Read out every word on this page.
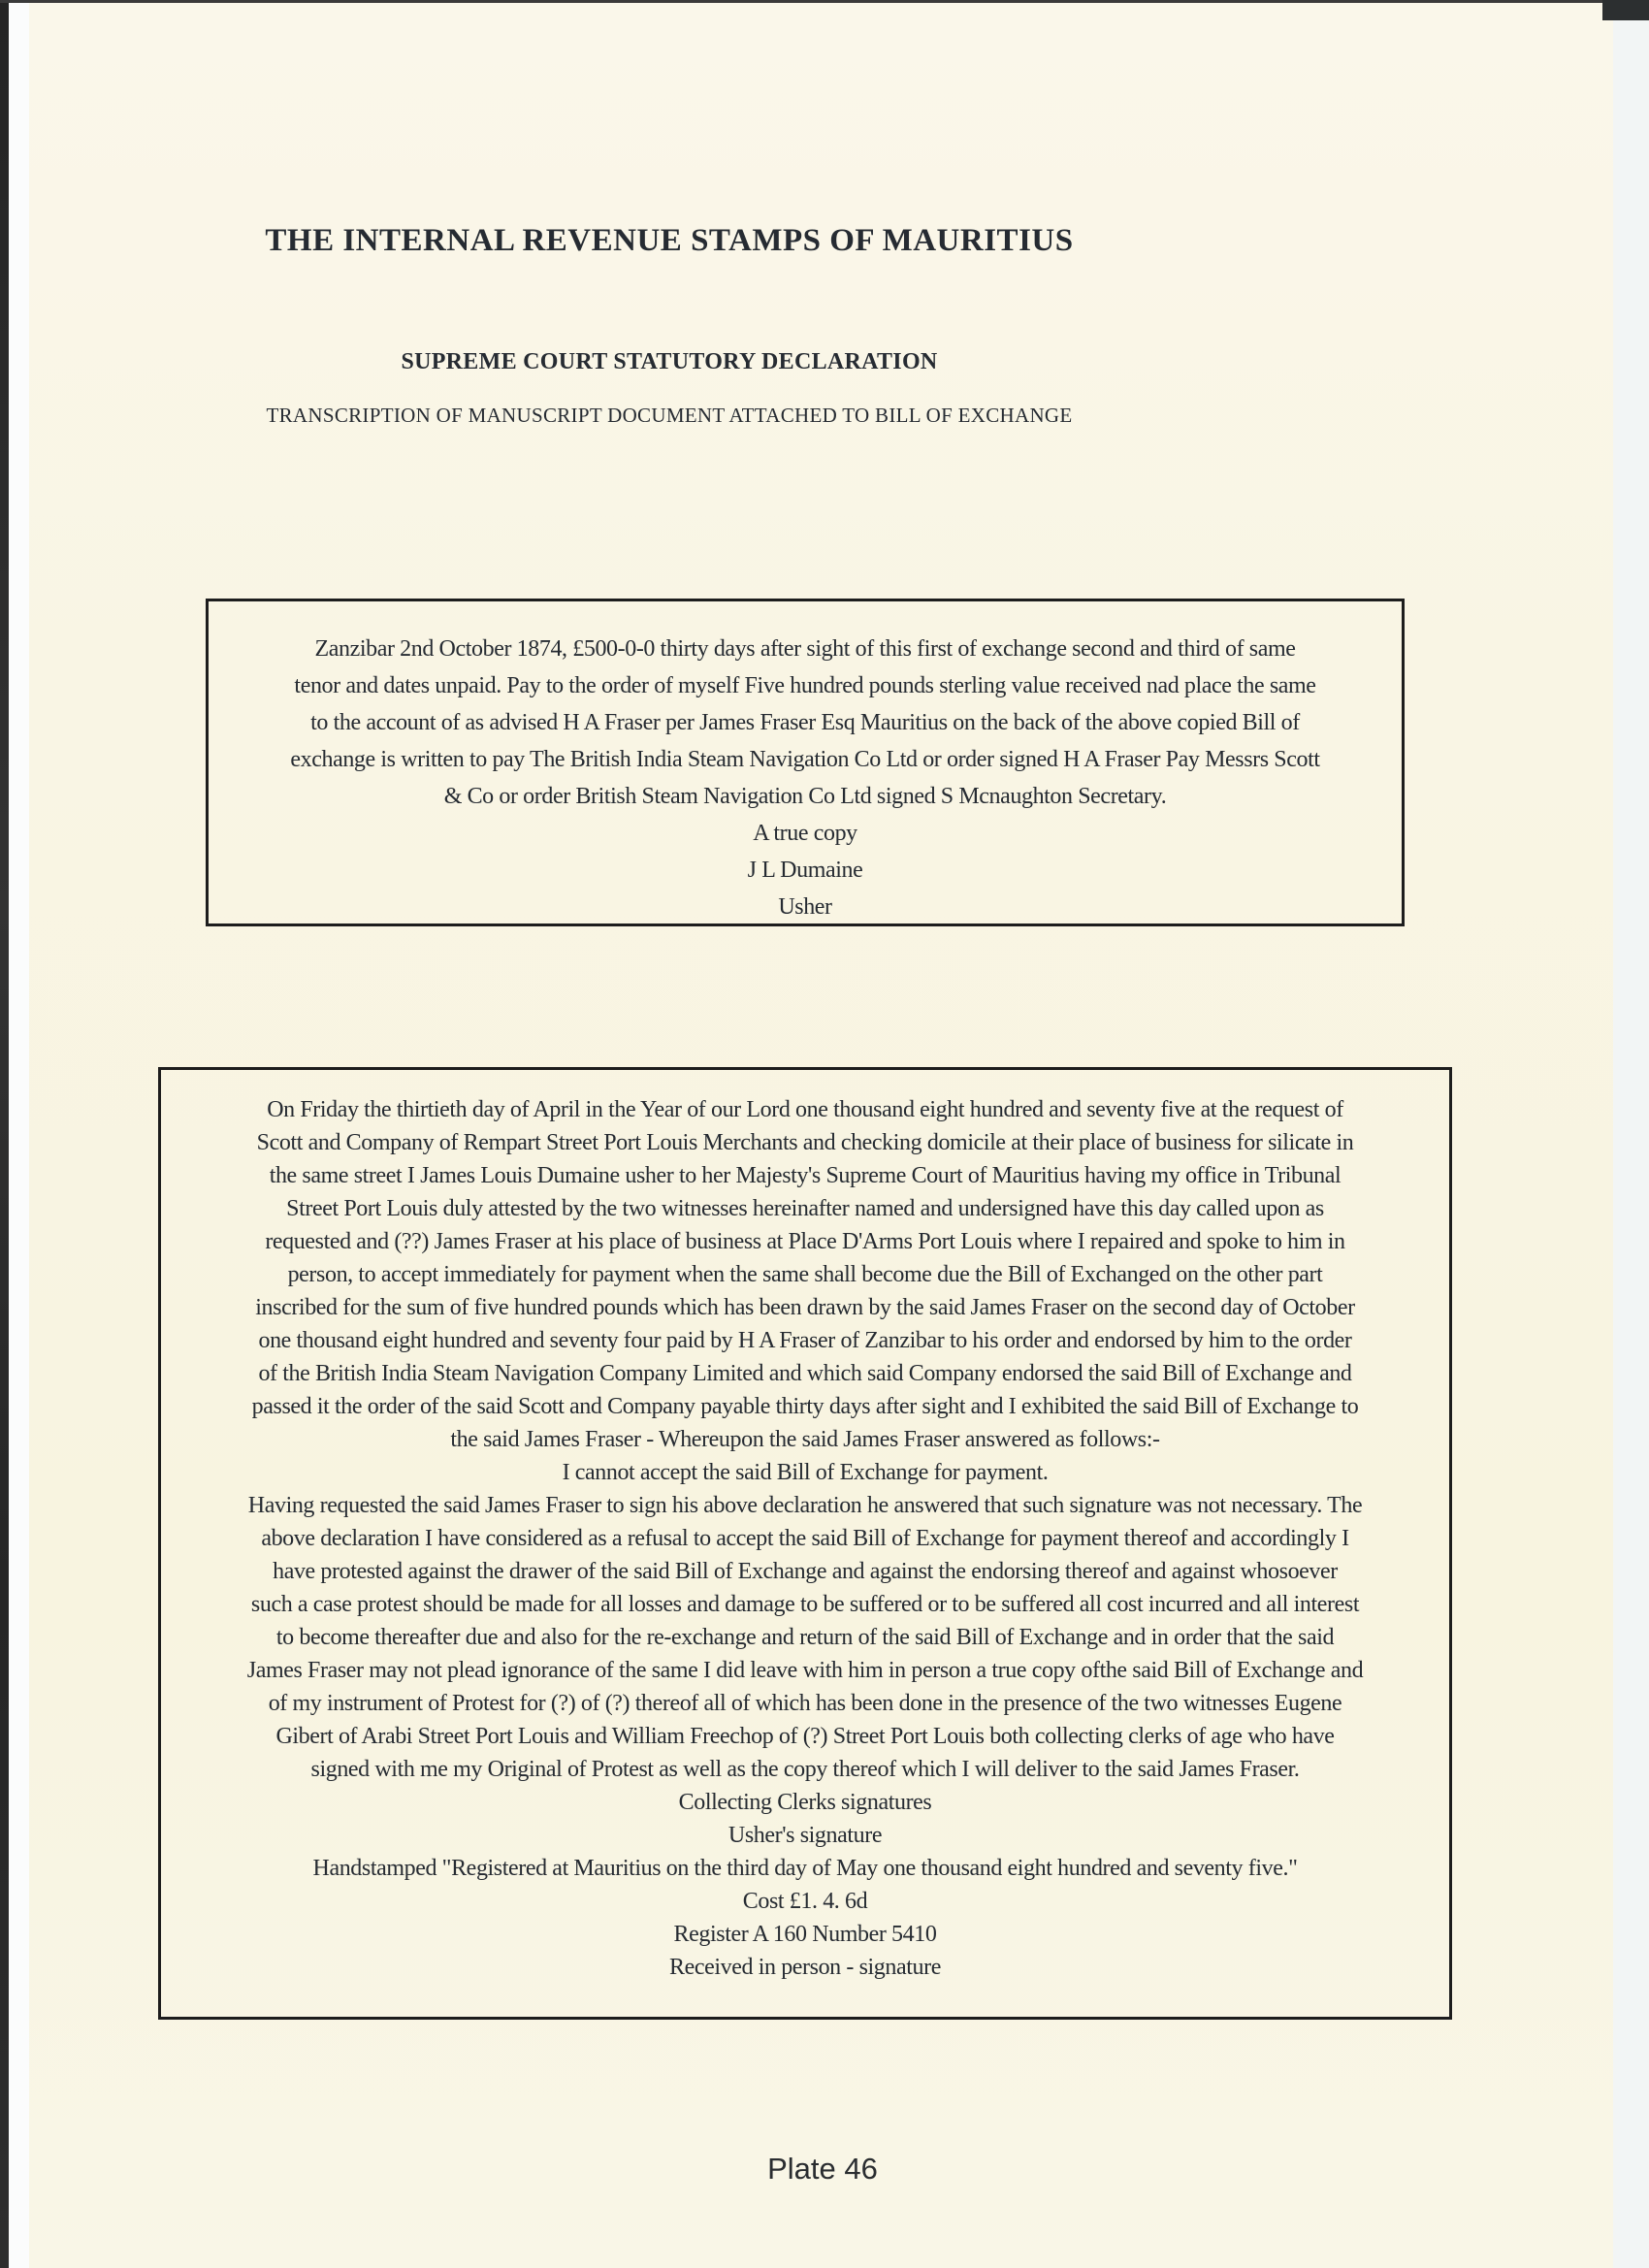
THE INTERNAL REVENUE STAMPS OF MAURITIUS
SUPREME COURT STATUTORY DECLARATION
TRANSCRIPTION OF MANUSCRIPT DOCUMENT ATTACHED TO BILL OF EXCHANGE
Zanzibar 2nd October 1874, £500-0-0 thirty days after sight of this first of exchange second and third of same
tenor and dates unpaid. Pay to the order of myself Five hundred pounds sterling value received nad place the same
to the account of as advised H A Fraser per James Fraser Esq Mauritius on the back of the above copied Bill of
exchange is written to pay The British India Steam Navigation Co Ltd or order signed H A Fraser Pay Messrs Scott
& Co or order British Steam Navigation Co Ltd signed S Mcnaughton Secretary.
A true copy
J L Dumaine
Usher
On Friday the thirtieth day of April in the Year of our Lord one thousand eight hundred and seventy five at the request of
Scott and Company of Rempart Street Port Louis Merchants and checking domicile at their place of business for silicate in
the same street I James Louis Dumaine usher to her Majesty's Supreme Court of Mauritius having my office in Tribunal
Street Port Louis duly attested by the two witnesses hereinafter named and undersigned have this day called upon as
requested and (??) James Fraser at his place of business at Place D'Arms Port Louis where I repaired and spoke to him in
person, to accept immediately for payment when the same shall become due the Bill of Exchanged on the other part
inscribed for the sum of five hundred pounds which has been drawn by the said James Fraser on the second day of October
one thousand eight hundred and seventy four paid by H A Fraser of Zanzibar to his order and endorsed by him to the order
of the British India Steam Navigation Company Limited and which said Company endorsed the said Bill of Exchange and
passed it the order of the said Scott and Company payable thirty days after sight and I exhibited the said Bill of Exchange to
the said James Fraser - Whereupon the said James Fraser answered as follows:-
I cannot accept the said Bill of Exchange for payment.
Having requested the said James Fraser to sign his above declaration he answered that such signature was not necessary. The
above declaration I have considered as a refusal to accept the said Bill of Exchange for payment thereof and accordingly I
have protested against the drawer of the said Bill of Exchange and against the endorsing thereof and against whosoever
such a case protest should be made for all losses and damage to be suffered or to be suffered all cost incurred and all interest
to become thereafter due and also for the re-exchange and return of the said Bill of Exchange and in order that the said
James Fraser may not plead ignorance of the same I did leave with him in person a true copy ofthe said Bill of Exchange and
of my instrument of Protest for (?) of (?) thereof all of which has been done in the presence of the two witnesses Eugene
Gibert of Arabi Street Port Louis and William Freechop of (?) Street Port Louis both collecting clerks of age who have
signed with me my Original of Protest as well as the copy thereof which I will deliver to the said James Fraser.
Collecting Clerks signatures
Usher's signature
Handstamped "Registered at Mauritius on the third day of May one thousand eight hundred and seventy five."
Cost £1. 4. 6d
Register A 160 Number 5410
Received in person - signature
Plate 46
